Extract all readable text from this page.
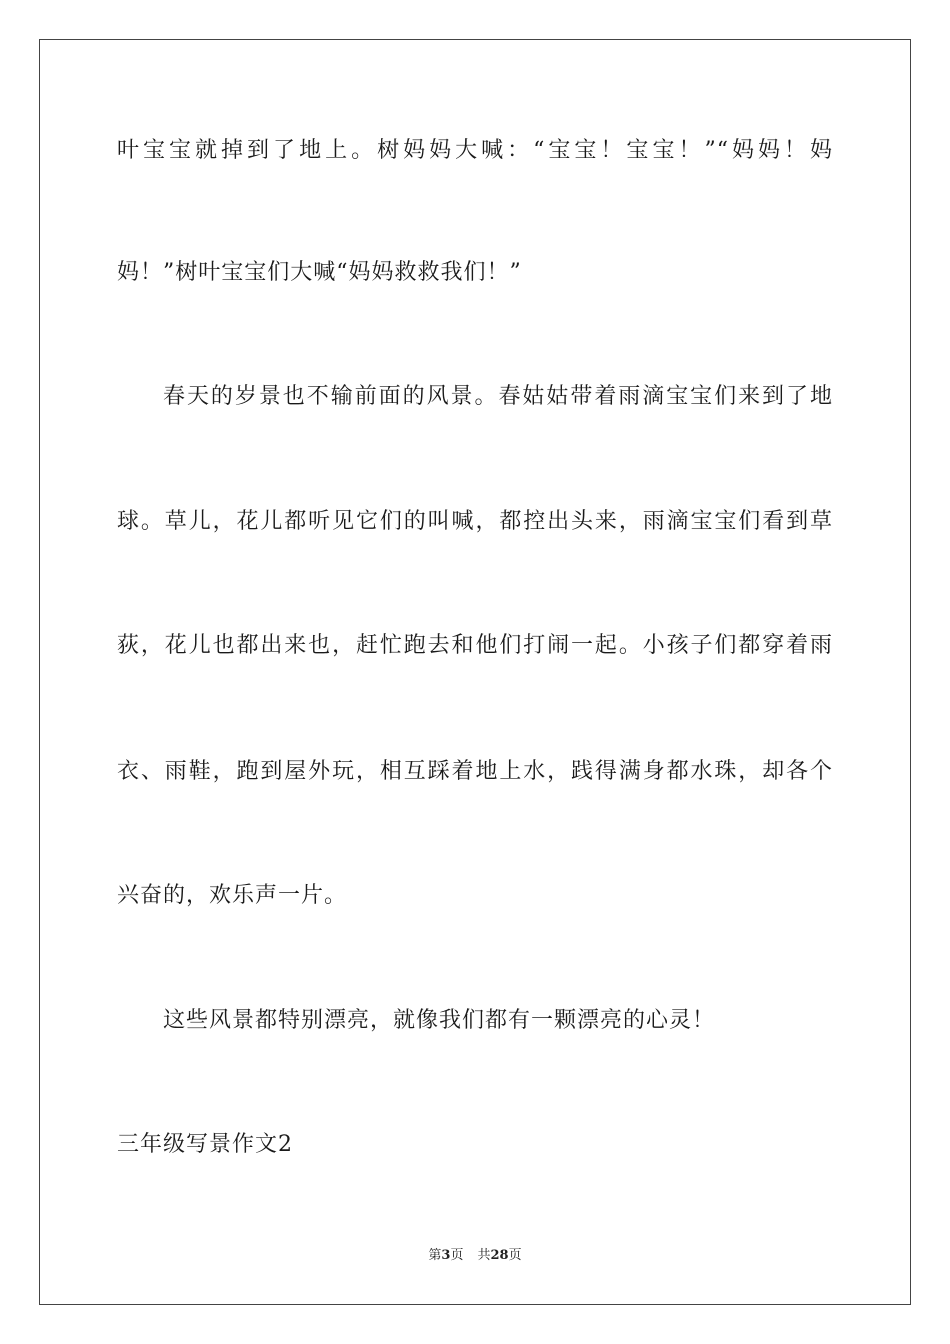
叶宝宝就掉到了地上。树妈妈大喊：“宝宝！宝宝！”“妈妈！妈
妈！”树叶宝宝们大喊“妈妈救救我们！”
春天的岁景也不输前面的风景。春姑姑带着雨滴宝宝们来到了地
球。草儿，花儿都听见它们的叫喊，都控出头来，雨滴宝宝们看到草
荻，花儿也都出来也，赶忙跑去和他们打闹一起。小孩子们都穿着雨
衣、雨鞋，跑到屋外玩，相互踩着地上水，践得满身都水珠，却各个
兴奋的，欢乐声一片。
这些风景都特别漂亮，就像我们都有一颗漂亮的心灵！
三年级写景作文2
第3页 共28页
